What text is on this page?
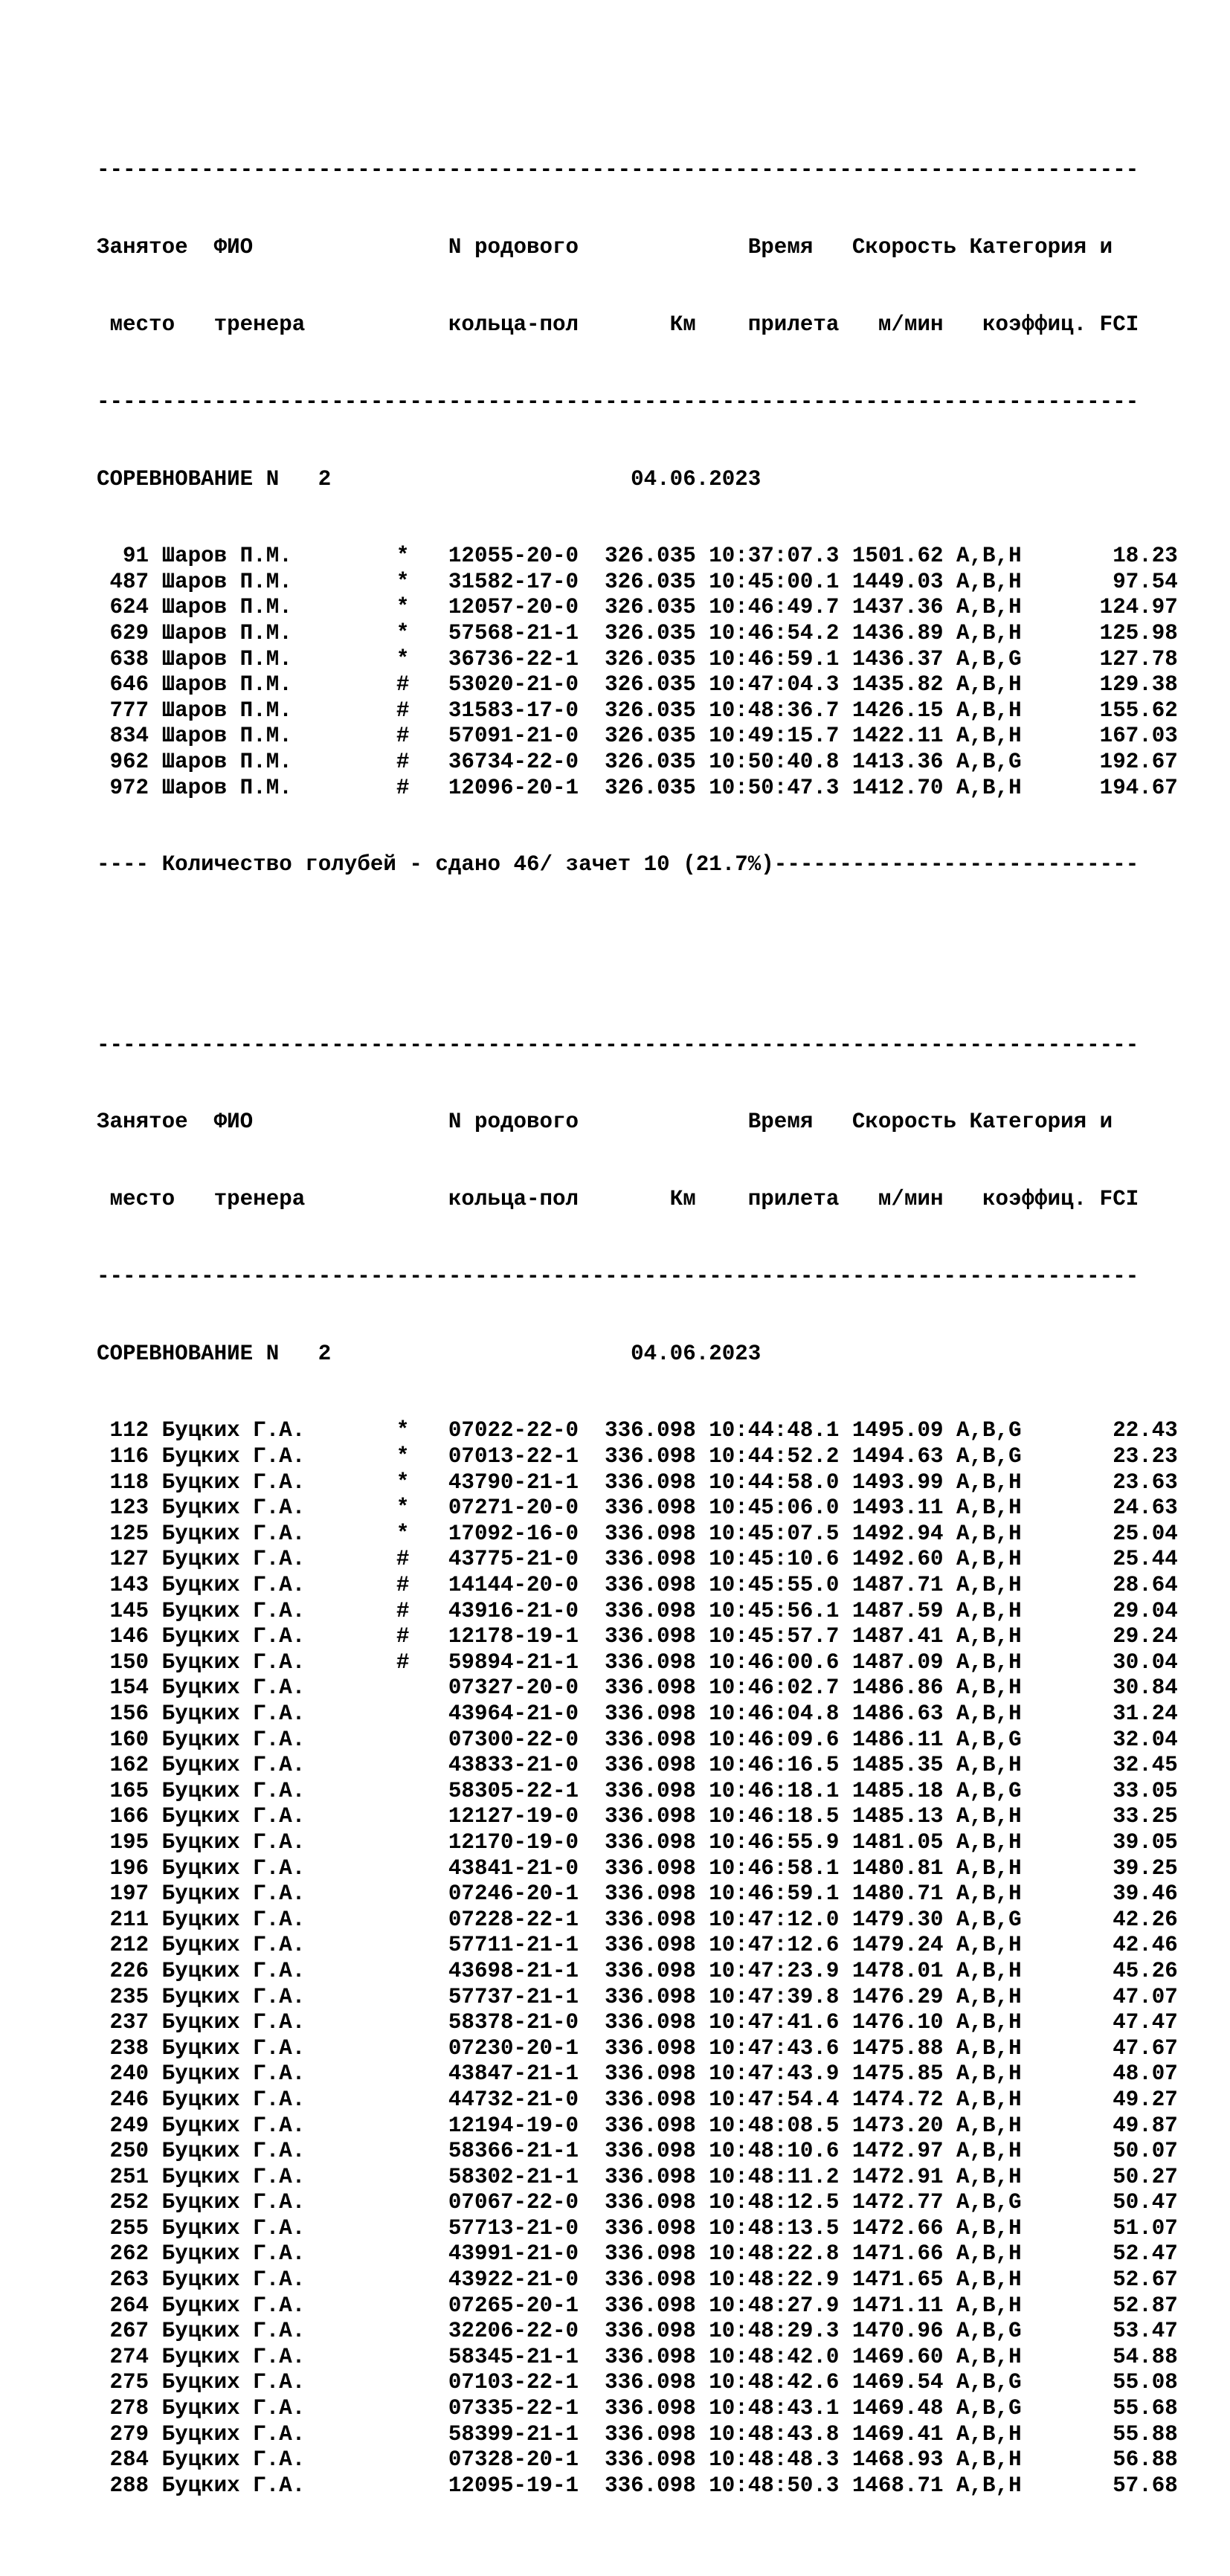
--------------------------------------------------------------------------------

Занятое  ФИО               N родового             Время   Скорость Категория и

место   тренера           кольца-пол       Км    прилета   м/мин   коэффиц. FCI

--------------------------------------------------------------------------------

СОРЕВНОВАНИЕ N   2                       04.06.2023

91 Шаров П.М.        *   12055-20-0  326.035 10:37:07.3 1501.62 A,B,H       18.23
487 Шаров П.М.        *   31582-17-0  326.035 10:45:00.1 1449.03 A,B,H       97.54
624 Шаров П.М.        *   12057-20-0  326.035 10:46:49.7 1437.36 A,B,H      124.97
629 Шаров П.М.        *   57568-21-1  326.035 10:46:54.2 1436.89 A,B,H      125.98
638 Шаров П.М.        *   36736-22-1  326.035 10:46:59.1 1436.37 A,B,G      127.78
646 Шаров П.М.        #   53020-21-0  326.035 10:47:04.3 1435.82 A,B,H      129.38
777 Шаров П.М.        #   31583-17-0  326.035 10:48:36.7 1426.15 A,B,H      155.62
834 Шаров П.М.        #   57091-21-0  326.035 10:49:15.7 1422.11 A,B,H      167.03
962 Шаров П.М.        #   36734-22-0  326.035 10:50:40.8 1413.36 A,B,G      192.67
972 Шаров П.М.        #   12096-20-1  326.035 10:50:47.3 1412.70 A,B,H      194.67

---- Количество голубей - сдано 46/ зачет 10 (21.7%)----------------------------

--------------------------------------------------------------------------------

Занятое  ФИО               N родового             Время   Скорость Категория и

место   тренера           кольца-пол       Км    прилета   м/мин   коэффиц. FCI

--------------------------------------------------------------------------------

СОРЕВНОВАНИЕ N   2                       04.06.2023

112 Буцких Г.А.       *   07022-22-0  336.098 10:44:48.1 1495.09 A,B,G       22.43
116 Буцких Г.А.       *   07013-22-1  336.098 10:44:52.2 1494.63 A,B,G       23.23
118 Буцких Г.А.       *   43790-21-1  336.098 10:44:58.0 1493.99 A,B,H       23.63
123 Буцких Г.А.       *   07271-20-0  336.098 10:45:06.0 1493.11 A,B,H       24.63
125 Буцких Г.А.       *   17092-16-0  336.098 10:45:07.5 1492.94 A,B,H       25.04
127 Буцких Г.А.       #   43775-21-0  336.098 10:45:10.6 1492.60 A,B,H       25.44
143 Буцких Г.А.       #   14144-20-0  336.098 10:45:55.0 1487.71 A,B,H       28.64
145 Буцких Г.А.       #   43916-21-0  336.098 10:45:56.1 1487.59 A,B,H       29.04
146 Буцких Г.А.       #   12178-19-1  336.098 10:45:57.7 1487.41 A,B,H       29.24
150 Буцких Г.А.       #   59894-21-1  336.098 10:46:00.6 1487.09 A,B,H       30.04
154 Буцких Г.А.           07327-20-0  336.098 10:46:02.7 1486.86 A,B,H       30.84
156 Буцких Г.А.           43964-21-0  336.098 10:46:04.8 1486.63 A,B,H       31.24
160 Буцких Г.А.           07300-22-0  336.098 10:46:09.6 1486.11 A,B,G       32.04
162 Буцких Г.А.           43833-21-0  336.098 10:46:16.5 1485.35 A,B,H       32.45
165 Буцких Г.А.           58305-22-1  336.098 10:46:18.1 1485.18 A,B,G       33.05
166 Буцких Г.А.           12127-19-0  336.098 10:46:18.5 1485.13 A,B,H       33.25
195 Буцких Г.А.           12170-19-0  336.098 10:46:55.9 1481.05 A,B,H       39.05
196 Буцких Г.А.           43841-21-0  336.098 10:46:58.1 1480.81 A,B,H       39.25
197 Буцких Г.А.           07246-20-1  336.098 10:46:59.1 1480.71 A,B,H       39.46
211 Буцких Г.А.           07228-22-1  336.098 10:47:12.0 1479.30 A,B,G       42.26
212 Буцких Г.А.           57711-21-1  336.098 10:47:12.6 1479.24 A,B,H       42.46
226 Буцких Г.А.           43698-21-1  336.098 10:47:23.9 1478.01 A,B,H       45.26
235 Буцких Г.А.           57737-21-1  336.098 10:47:39.8 1476.29 A,B,H       47.07
237 Буцких Г.А.           58378-21-0  336.098 10:47:41.6 1476.10 A,B,H       47.47
238 Буцких Г.А.           07230-20-1  336.098 10:47:43.6 1475.88 A,B,H       47.67
240 Буцких Г.А.           43847-21-1  336.098 10:47:43.9 1475.85 A,B,H       48.07
246 Буцких Г.А.           44732-21-0  336.098 10:47:54.4 1474.72 A,B,H       49.27
249 Буцких Г.А.           12194-19-0  336.098 10:48:08.5 1473.20 A,B,H       49.87
250 Буцких Г.А.           58366-21-1  336.098 10:48:10.6 1472.97 A,B,H       50.07
251 Буцких Г.А.           58302-21-1  336.098 10:48:11.2 1472.91 A,B,H       50.27
252 Буцких Г.А.           07067-22-0  336.098 10:48:12.5 1472.77 A,B,G       50.47
255 Буцких Г.А.           57713-21-0  336.098 10:48:13.5 1472.66 A,B,H       51.07
262 Буцких Г.А.           43991-21-0  336.098 10:48:22.8 1471.66 A,B,H       52.47
263 Буцких Г.А.           43922-21-0  336.098 10:48:22.9 1471.65 A,B,H       52.67
264 Буцких Г.А.           07265-20-1  336.098 10:48:27.9 1471.11 A,B,H       52.87
267 Буцких Г.А.           32206-22-0  336.098 10:48:29.3 1470.96 A,B,G       53.47
274 Буцких Г.А.           58345-21-1  336.098 10:48:42.0 1469.60 A,B,H       54.88
275 Буцких Г.А.           07103-22-1  336.098 10:48:42.6 1469.54 A,B,G       55.08
278 Буцких Г.А.           07335-22-1  336.098 10:48:43.1 1469.48 A,B,G       55.68
279 Буцких Г.А.           58399-21-1  336.098 10:48:43.8 1469.41 A,B,H       55.88
284 Буцких Г.А.           07328-20-1  336.098 10:48:48.3 1468.93 A,B,H       56.88
288 Буцких Г.А.           12095-19-1  336.098 10:48:50.3 1468.71 A,B,H       57.68
